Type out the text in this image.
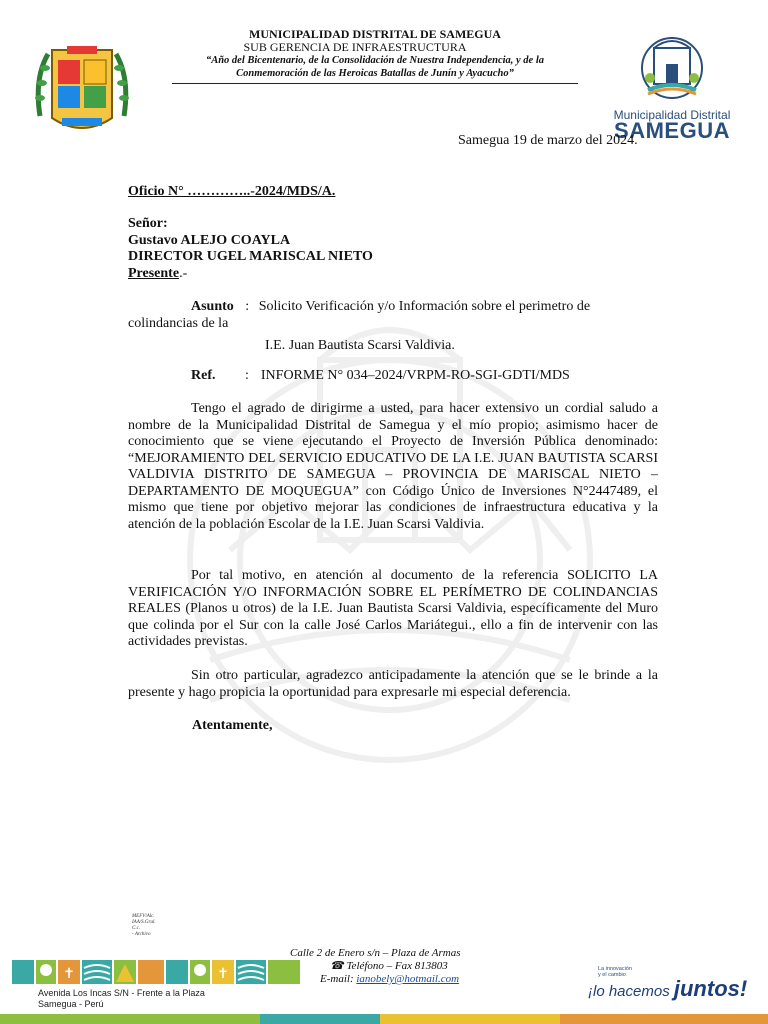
MUNICIPALIDAD DISTRITAL DE SAMEGUA
SUB GERENCIA DE INFRAESTRUCTURA
“Año del Bicentenario, de la Consolidación de Nuestra Independencia, y de la
Conmemoración de las Heroicas Batallas de Junín y Ayacucho”
Municipalidad Distrital
SAMEGUA
Samegua 19 de marzo del 2024.
Oficio N° …………..-2024/MDS/A.
Señor:
Gustavo ALEJO COAYLA
DIRECTOR UGEL MARISCAL NIETO
Presente.-
Asunto : Solicito Verificación y/o Información sobre el perimetro de colindancias de la
I.E. Juan Bautista Scarsi Valdivia.
Ref. : INFORME N° 034–2024/VRPM-RO-SGI-GDTI/MDS
Tengo el agrado de dirigirme a usted, para hacer extensivo un cordial saludo a nombre de la Municipalidad Distrital de Samegua y el mío propio; asimismo hacer de conocimiento que se viene ejecutando el Proyecto de Inversión Pública denominado: “MEJORAMIENTO DEL SERVICIO EDUCATIVO DE LA I.E. JUAN BAUTISTA SCARSI VALDIVIA DISTRITO DE SAMEGUA – PROVINCIA DE MARISCAL NIETO – DEPARTAMENTO DE MOQUEGUA” con Código Único de Inversiones N°2447489, el mismo que tiene por objetivo mejorar las condiciones de infraestructura educativa y la atención de la población Escolar de la I.E. Juan Scarsi Valdivia.
Por tal motivo, en atención al documento de la referencia SOLICITO LA VERIFICACIÓN Y/O INFORMACIÓN SOBRE EL PERÍMETRO DE COLINDANCIAS REALES (Planos u otros) de la I.E. Juan Bautista Scarsi Valdivia, específicamente del Muro que colinda por el Sur con la calle José Carlos Mariátegui., ello a fin de intervenir con las actividades previstas.
Sin otro particular, agradezco anticipadamente la atención que se le brinde a la presente y hago propicia la oportunidad para expresarle mi especial deferencia.
Atentamente,
MEFV/Alc.
IAA/S.Gral.
C.c.
- Archivo
Calle 2 de Enero s/n – Plaza de Armas
☎ Teléfono – Fax 813803
E-mail: ianobely@hotmail.com
✝	✝
Avenida Los Incas S/N - Frente a la Plaza
Samegua - Perú
La innovación
y el cambio
¡lo hacemos juntos!
